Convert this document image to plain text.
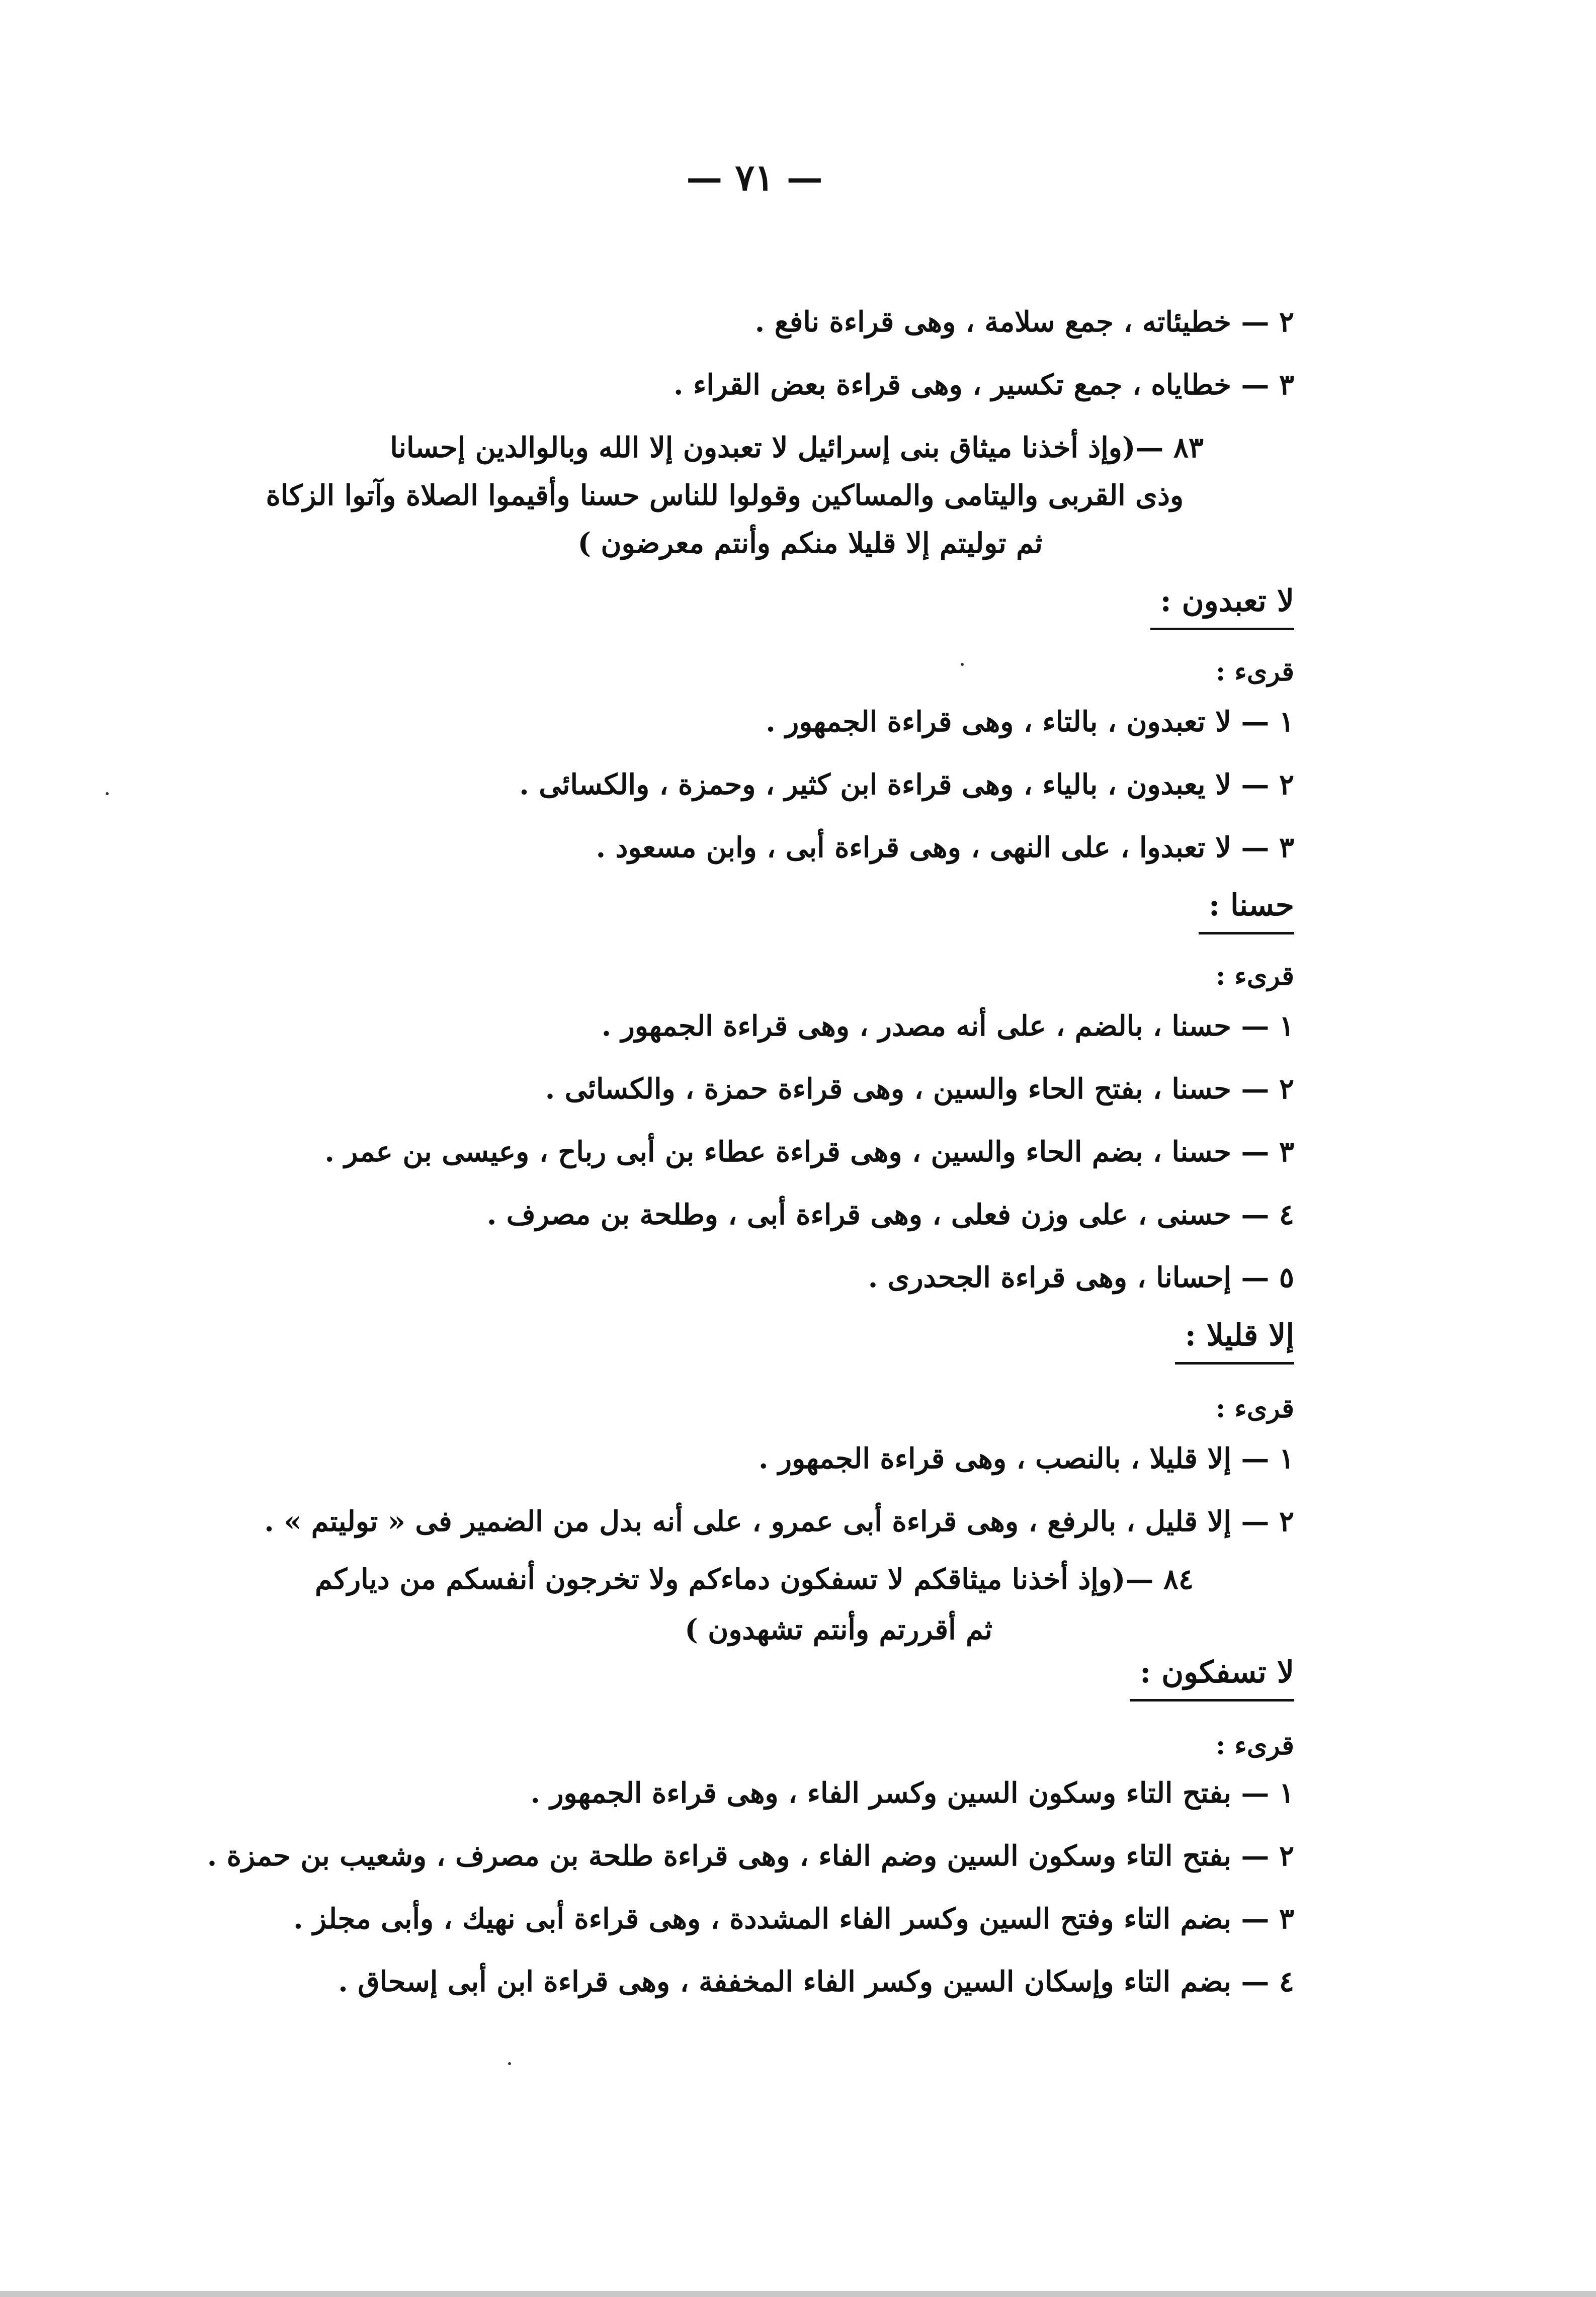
— ٧١ —
٢ — خطيئاته ، جمع سلامة ، وهى قراءة نافع .
٣ — خطاياه ، جمع تكسير ، وهى قراءة بعض القراء .
٨٣ —(وإذ أخذنا ميثاق بنى إسرائيل لا تعبدون إلا الله وبالوالدين إحسانا
وذى القربى واليتامى والمساكين وقولوا للناس حسنا وأقيموا الصلاة وآتوا الزكاة
ثم توليتم إلا قليلا منكم وأنتم معرضون )
لا تعبدون :
قرىء :
١ — لا تعبدون ، بالتاء ، وهى قراءة الجمهور .
٢ — لا يعبدون ، بالياء ، وهى قراءة ابن كثير ، وحمزة ، والكسائى .
٣ — لا تعبدوا ، على النهى ، وهى قراءة أبى ، وابن مسعود .
حسنا :
قرىء :
١ — حسنا ، بالضم ، على أنه مصدر ، وهى قراءة الجمهور .
٢ — حسنا ، بفتح الحاء والسين ، وهى قراءة حمزة ، والكسائى .
٣ — حسنا ، بضم الحاء والسين ، وهى قراءة عطاء بن أبى رباح ، وعيسى بن عمر .
٤ — حسنى ، على وزن فعلى ، وهى قراءة أبى ، وطلحة بن مصرف .
٥ — إحسانا ، وهى قراءة الجحدرى .
إلا قليلا :
قرىء :
١ — إلا قليلا ، بالنصب ، وهى قراءة الجمهور .
٢ — إلا قليل ، بالرفع ، وهى قراءة أبى عمرو ، على أنه بدل من الضمير فى « توليتم » .
٨٤ —(وإذ أخذنا ميثاقكم لا تسفكون دماءكم ولا تخرجون أنفسكم من دياركم
ثم أقررتم وأنتم تشهدون )
لا تسفكون :
قرىء :
١ — بفتح التاء وسكون السين وكسر الفاء ، وهى قراءة الجمهور .
٢ — بفتح التاء وسكون السين وضم الفاء ، وهى قراءة طلحة بن مصرف ، وشعيب بن حمزة .
٣ — بضم التاء وفتح السين وكسر الفاء المشددة ، وهى قراءة أبى نهيك ، وأبى مجلز .
٤ — بضم التاء وإسكان السين وكسر الفاء المخففة ، وهى قراءة ابن أبى إسحاق .
